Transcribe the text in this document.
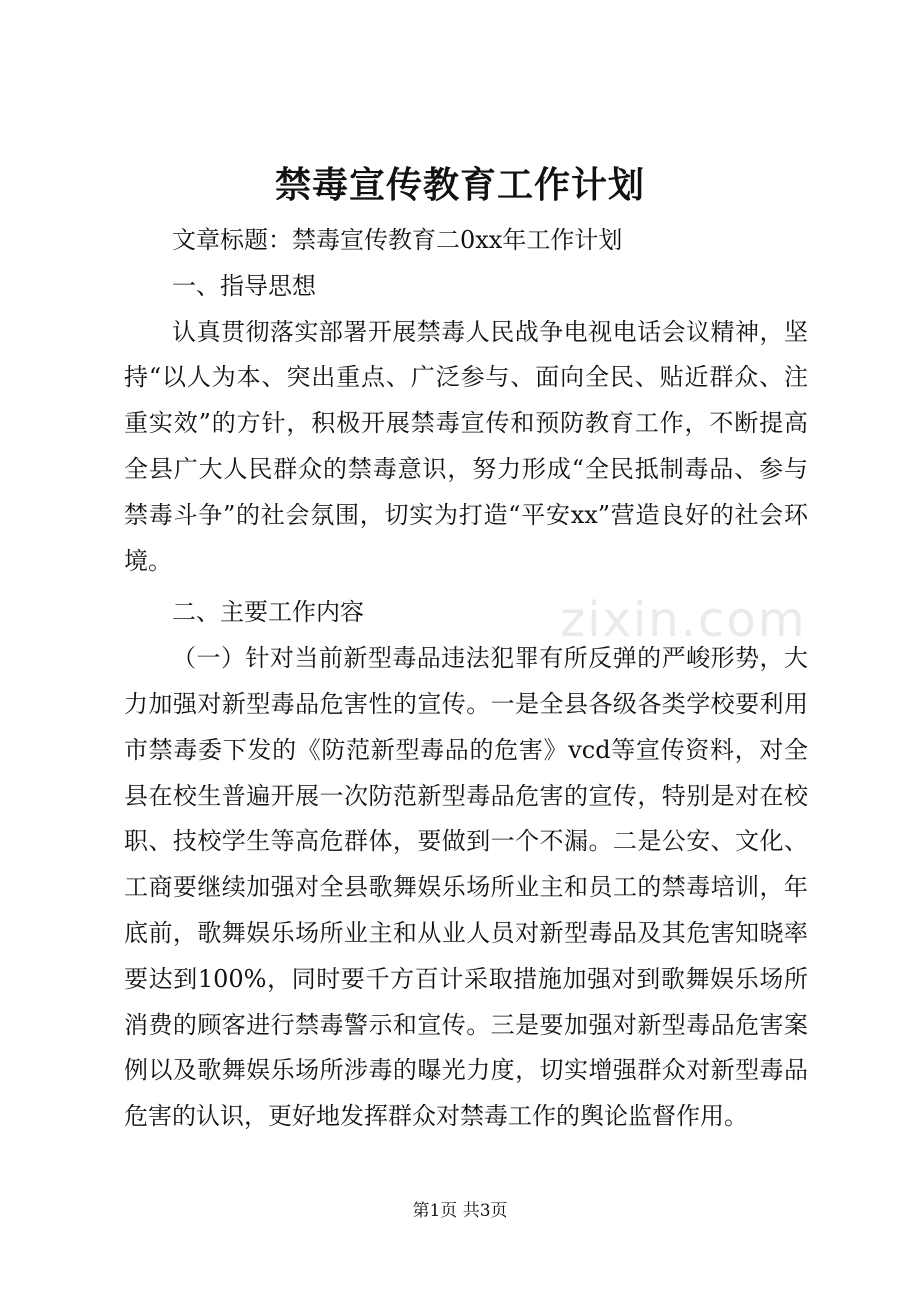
禁毒宣传教育工作计划

文章标题：禁毒宣传教育二0xx年工作计划

一、指导思想

认真贯彻落实部署开展禁毒人民战争电视电话会议精神，坚持“以人为本、突出重点、广泛参与、面向全民、贴近群众、注重实效”的方针，积极开展禁毒宣传和预防教育工作，不断提高全县广大人民群众的禁毒意识，努力形成“全民抵制毒品、参与禁毒斗争”的社会氛围，切实为打造“平安xx”营造良好的社会环境。

二、主要工作内容

（一）针对当前新型毒品违法犯罪有所反弹的严峻形势，大力加强对新型毒品危害性的宣传。一是全县各级各类学校要利用市禁毒委下发的《防范新型毒品的危害》vcd等宣传资料，对全县在校生普遍开展一次防范新型毒品危害的宣传，特别是对在校职、技校学生等高危群体，要做到一个不漏。二是公安、文化、工商要继续加强对全县歌舞娱乐场所业主和员工的禁毒培训，年底前，歌舞娱乐场所业主和从业人员对新型毒品及其危害知晓率要达到100%，同时要千方百计采取措施加强对到歌舞娱乐场所消费的顾客进行禁毒警示和宣传。三是要加强对新型毒品危害案例以及歌舞娱乐场所涉毒的曝光力度，切实增强群众对新型毒品危害的认识，更好地发挥群众对禁毒工作的舆论监督作用。

zixin.com
第1页 共3页
